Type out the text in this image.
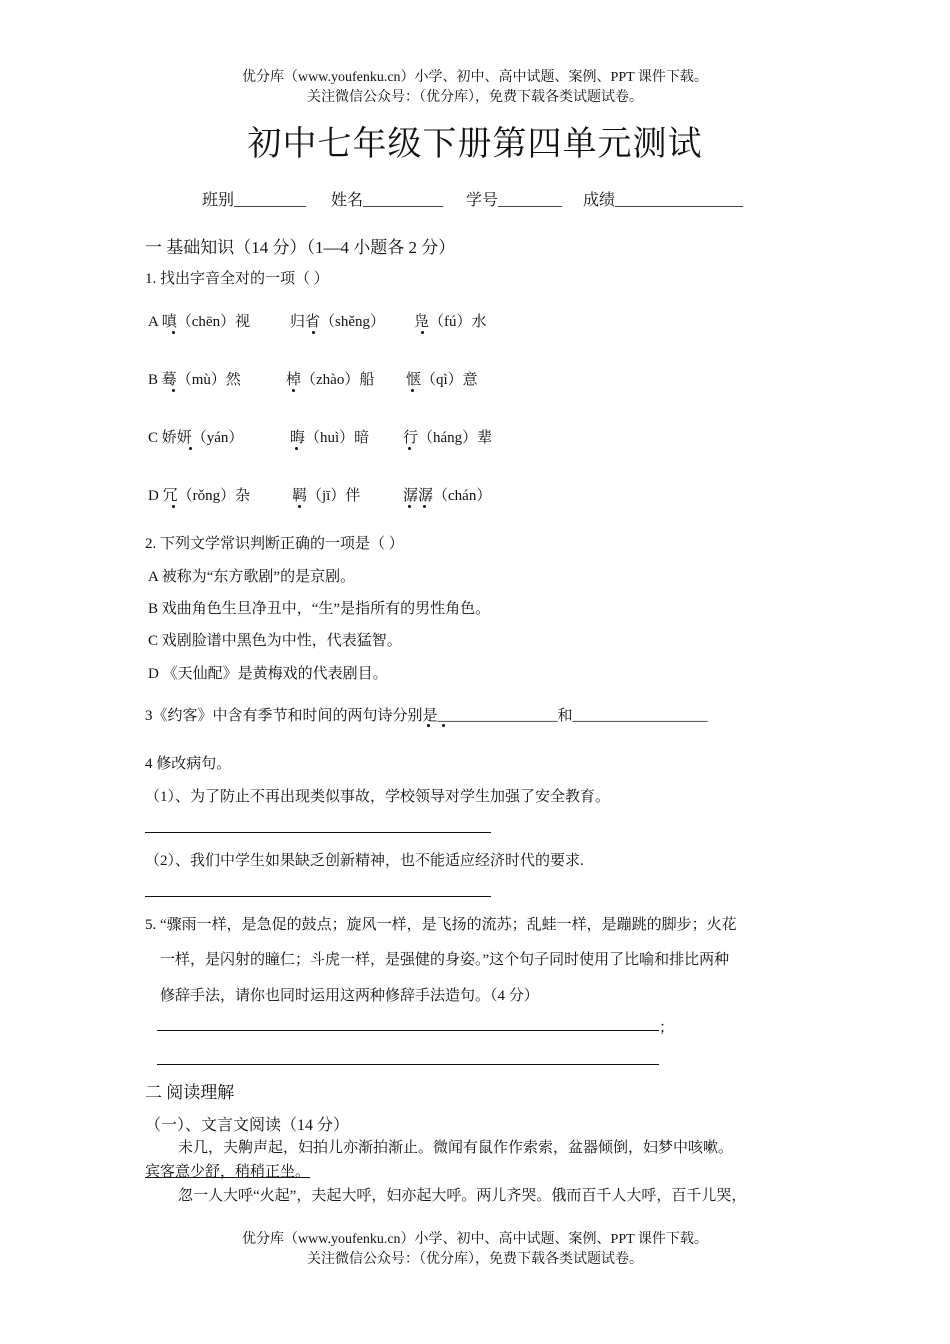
优分库（www.youfenku.cn）小学、初中、高中试题、案例、PPT 课件下载。
关注微信公众号：（优分库），免费下载各类试题试卷。
初中七年级下册第四单元测试
班别_________ 姓名__________ 学号________ 成绩________________
一 基础知识（14 分）（1—4 小题各 2 分）
1. 找出字音全对的一项（ ）
A 嗔（chēn）视	归省（shěng） 凫（fú）水
B 蓦（mù）然	棹（zhào）船 惬（qì）意
C 娇妍（yán）	晦（huì）暗 行（háng）辈
D 冗（rǒng）杂	羁（jī）伴	潺潺（chán）
2. 下列文学常识判断正确的一项是（ ）
A 被称为“东方歌剧”的是京剧。
B 戏曲角色生旦净丑中，“生”是指所有的男性角色。
C 戏剧脸谱中黑色为中性，代表猛智。
D 《天仙配》是黄梅戏的代表剧目。
3《约客》中含有季节和时间的两句诗分别是________________和__________________
4 修改病句。
（1）、为了防止不再出现类似事故，学校领导对学生加强了安全教育。
（2）、我们中学生如果缺乏创新精神，也不能适应经济时代的要求.
5. “骤雨一样，是急促的鼓点；旋风一样，是飞扬的流苏；乱蛙一样，是蹦跳的脚步；火花
一样，是闪射的瞳仁；斗虎一样，是强健的身姿。”这个句子同时使用了比喻和排比两种
修辞手法，请你也同时运用这两种修辞手法造句。（4 分）
；
二 阅读理解
（一）、文言文阅读（14 分）
未几，夫齁声起，妇拍儿亦渐拍渐止。微闻有鼠作作索索，盆器倾倒，妇梦中咳嗽。
宾客意少舒，稍稍正坐。
忽一人大呼“火起”，夫起大呼，妇亦起大呼。两儿齐哭。俄而百千人大呼，百千儿哭，
优分库（www.youfenku.cn）小学、初中、高中试题、案例、PPT 课件下载。
关注微信公众号：（优分库），免费下载各类试题试卷。
